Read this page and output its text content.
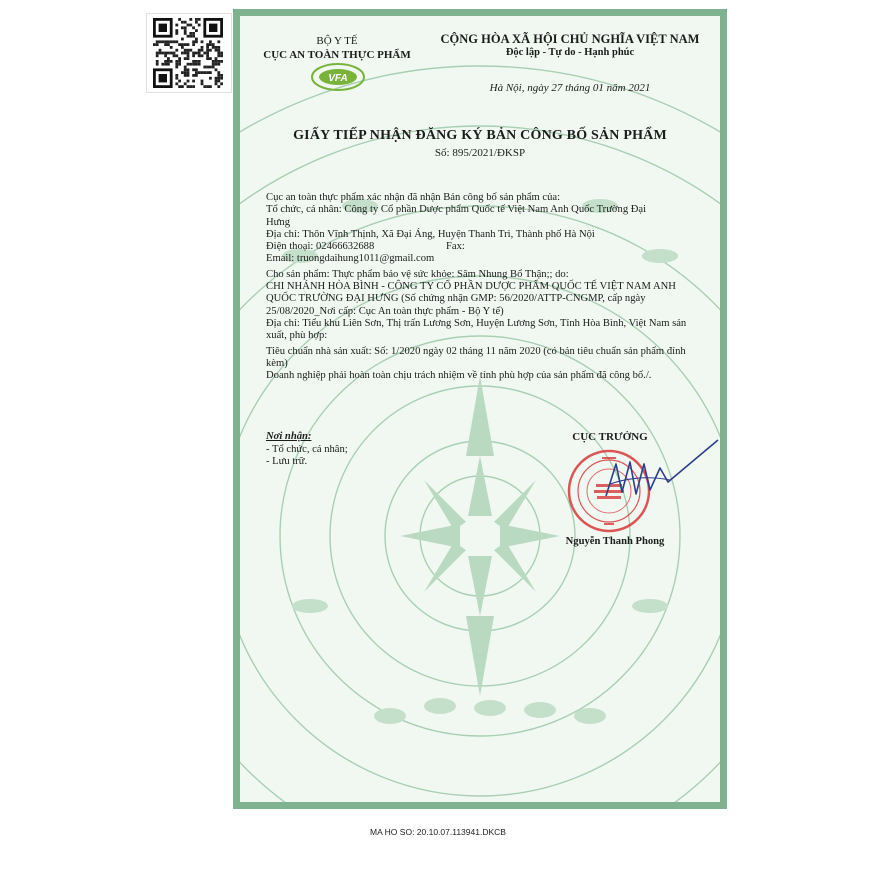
BỘ Y TẾ
CỤC AN TOÀN THỰC PHẨM
VFA
CỘNG HÒA XÃ HỘI CHỦ NGHĨA VIỆT NAM
Độc lập - Tự do - Hạnh phúc
Hà Nội, ngày 27 tháng 01 năm 2021
GIẤY TIẾP NHẬN ĐĂNG KÝ BẢN CÔNG BỐ SẢN PHẨM
Số: 895/2021/ĐKSP

Cục an toàn thực phẩm xác nhận đã nhận Bản công bố sản phẩm của:

Tổ chức, cá nhân: Công ty Cổ phần Dược phẩm Quốc tế Việt Nam Anh Quốc Trường Đại

Hưng

Địa chỉ: Thôn Vĩnh Thịnh, Xã Đại Áng, Huyện Thanh Trì, Thành phố Hà Nội

Điện thoại: 02466632688	Fax:

Email: truongdaihung1011@gmail.com

Cho sản phẩm: Thực phẩm bảo vệ sức khỏe: Sâm Nhung Bổ Thận;; do:

CHI NHÁNH HÒA BÌNH - CÔNG TY CỔ PHẦN DƯỢC PHẨM QUỐC TẾ VIỆT NAM ANH QUỐC TRƯỜNG ĐẠI HƯNG (Số chứng nhận GMP: 56/2020/ATTP-CNGMP, cấp ngày 25/08/2020_Nơi cấp: Cục An toàn thực phẩm - Bộ Y tế)

Địa chỉ: Tiểu khu Liên Sơn, Thị trấn Lương Sơn, Huyện Lương Sơn, Tỉnh Hòa Bình, Việt Nam sản xuất, phù hợp:

Tiêu chuẩn nhà sản xuất: Số: 1/2020 ngày 02 tháng 11 năm 2020 (có bản tiêu chuẩn sản phẩm đính kèm)

Doanh nghiệp phải hoàn toàn chịu trách nhiệm về tính phù hợp của sản phẩm đã công bố./.

Nơi nhận:
- Tổ chức, cá nhân;
- Lưu trữ.
CỤC TRƯỞNG
Nguyễn Thanh Phong
MA HO SO: 20.10.07.113941.DKCB
